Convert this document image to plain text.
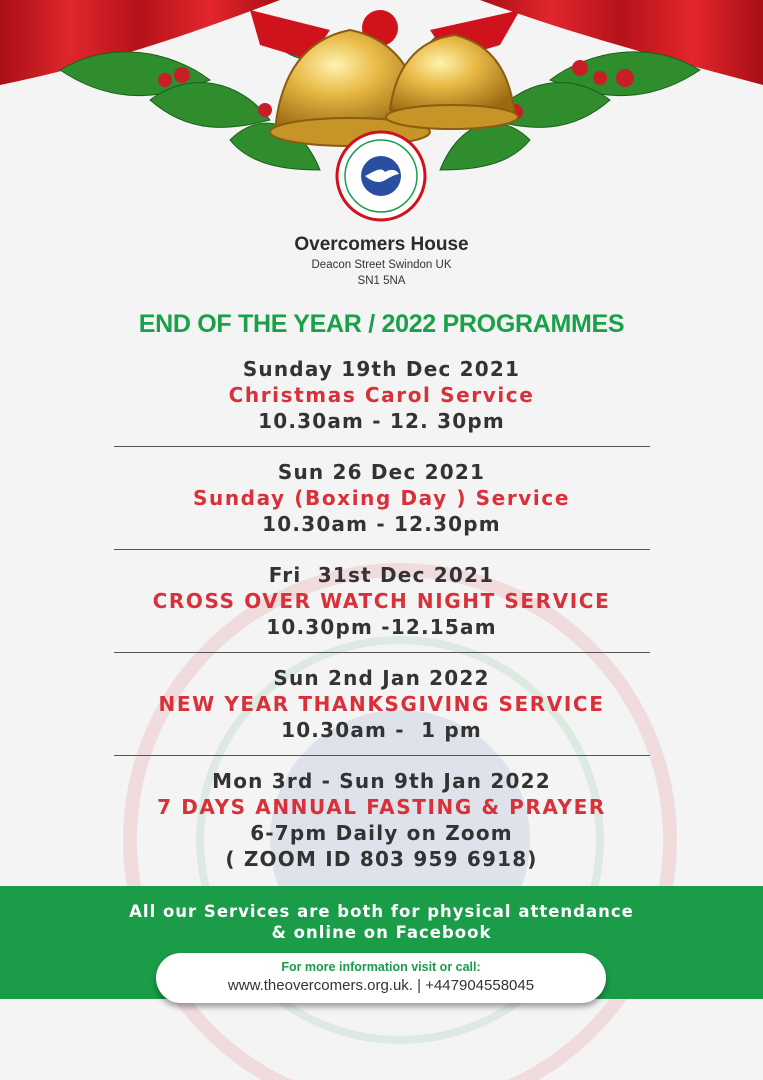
Overcomers House
Deacon Street Swindon UK
SN1 5NA
END OF THE YEAR / 2022 PROGRAMMES
Sunday 19th Dec 2021
Christmas Carol Service
10.30am - 12. 30pm
Sun 26 Dec 2021
Sunday (Boxing Day ) Service
10.30am - 12.30pm
Fri  31st Dec 2021
CROSS OVER WATCH NIGHT SERVICE
10.30pm -12.15am
Sun 2nd Jan 2022
NEW YEAR THANKSGIVING SERVICE
10.30am -  1 pm
Mon 3rd - Sun 9th Jan 2022
7 DAYS ANNUAL FASTING & PRAYER
6-7pm Daily on Zoom
( ZOOM ID 803 959 6918)
All our Services are both for physical attendance
& online on Facebook
For more information visit or call:
www.theovercomers.org.uk. | +447904558045
